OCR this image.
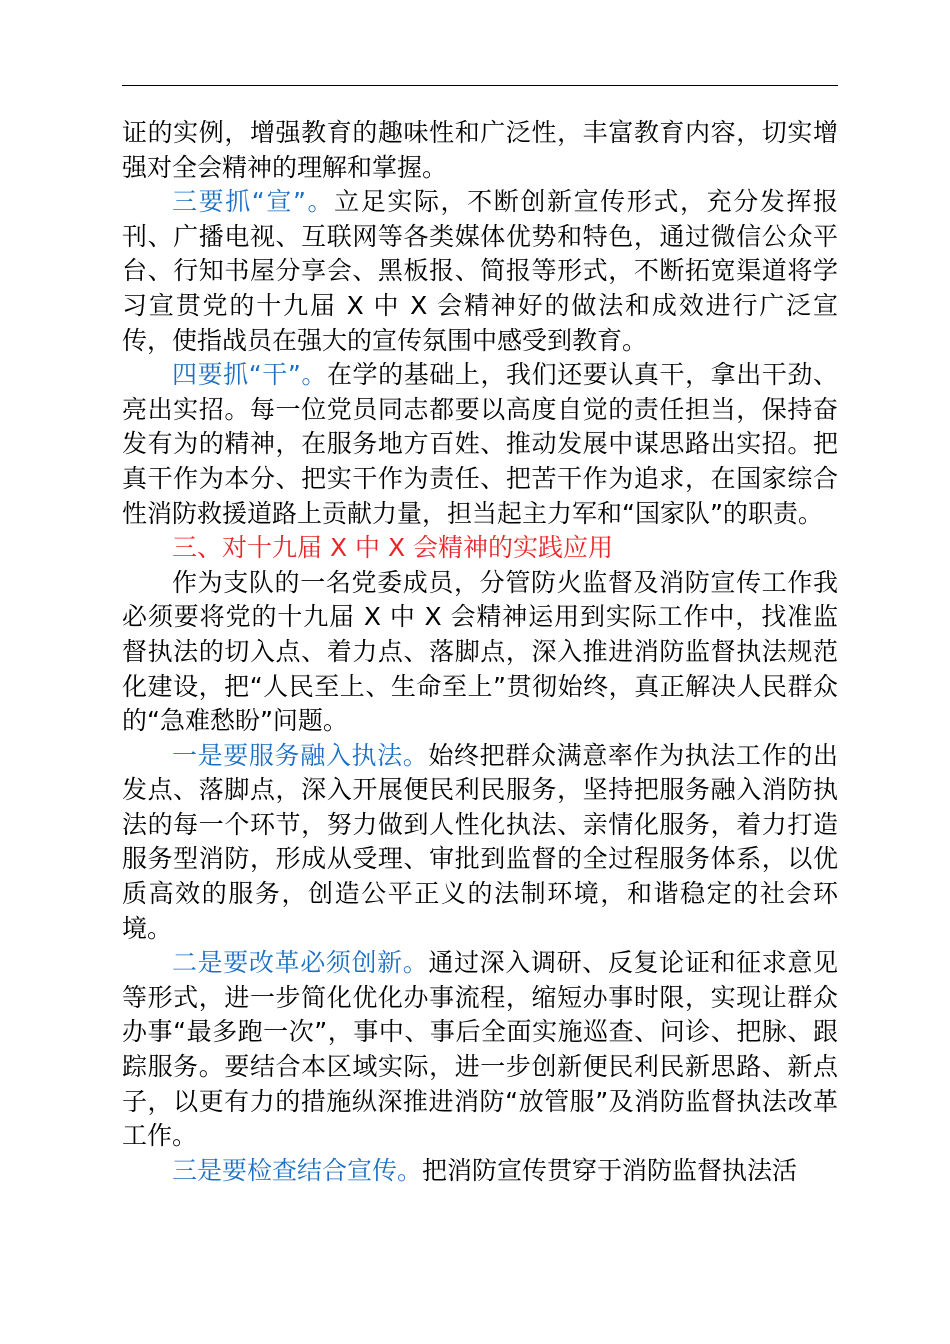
证的实例，增强教育的趣味性和广泛性，丰富教育内容，切实增强对全会精神的理解和掌握。

三要抓“宣”。立足实际，不断创新宣传形式，充分发挥报刊、广播电视、互联网等各类媒体优势和特色，通过微信公众平台、行知书屋分享会、黑板报、简报等形式，不断拓宽渠道将学习宣贯党的十九届 X 中 X 会精神好的做法和成效进行广泛宣传，使指战员在强大的宣传氛围中感受到教育。

四要抓“干”。在学的基础上，我们还要认真干，拿出干劲、亮出实招。每一位党员同志都要以高度自觉的责任担当，保持奋发有为的精神，在服务地方百姓、推动发展中谋思路出实招。把真干作为本分、把实干作为责任、把苦干作为追求，在国家综合性消防救援道路上贡献力量，担当起主力军和“国家队”的职责。

三、对十九届 X 中 X 会精神的实践应用

作为支队的一名党委成员，分管防火监督及消防宣传工作我必须要将党的十九届 X 中 X 会精神运用到实际工作中，找准监督执法的切入点、着力点、落脚点，深入推进消防监督执法规范化建设，把“人民至上、生命至上”贯彻始终，真正解决人民群众的“急难愁盼”问题。

一是要服务融入执法。始终把群众满意率作为执法工作的出发点、落脚点，深入开展便民利民服务，坚持把服务融入消防执法的每一个环节，努力做到人性化执法、亲情化服务，着力打造服务型消防，形成从受理、审批到监督的全过程服务体系，以优质高效的服务，创造公平正义的法制环境，和谐稳定的社会环境。

二是要改革必须创新。通过深入调研、反复论证和征求意见等形式，进一步简化优化办事流程，缩短办事时限，实现让群众办事“最多跑一次”，事中、事后全面实施巡查、问诊、把脉、跟踪服务。要结合本区域实际，进一步创新便民利民新思路、新点子，以更有力的措施纵深推进消防“放管服”及消防监督执法改革工作。

三是要检查结合宣传。把消防宣传贯穿于消防监督执法活
